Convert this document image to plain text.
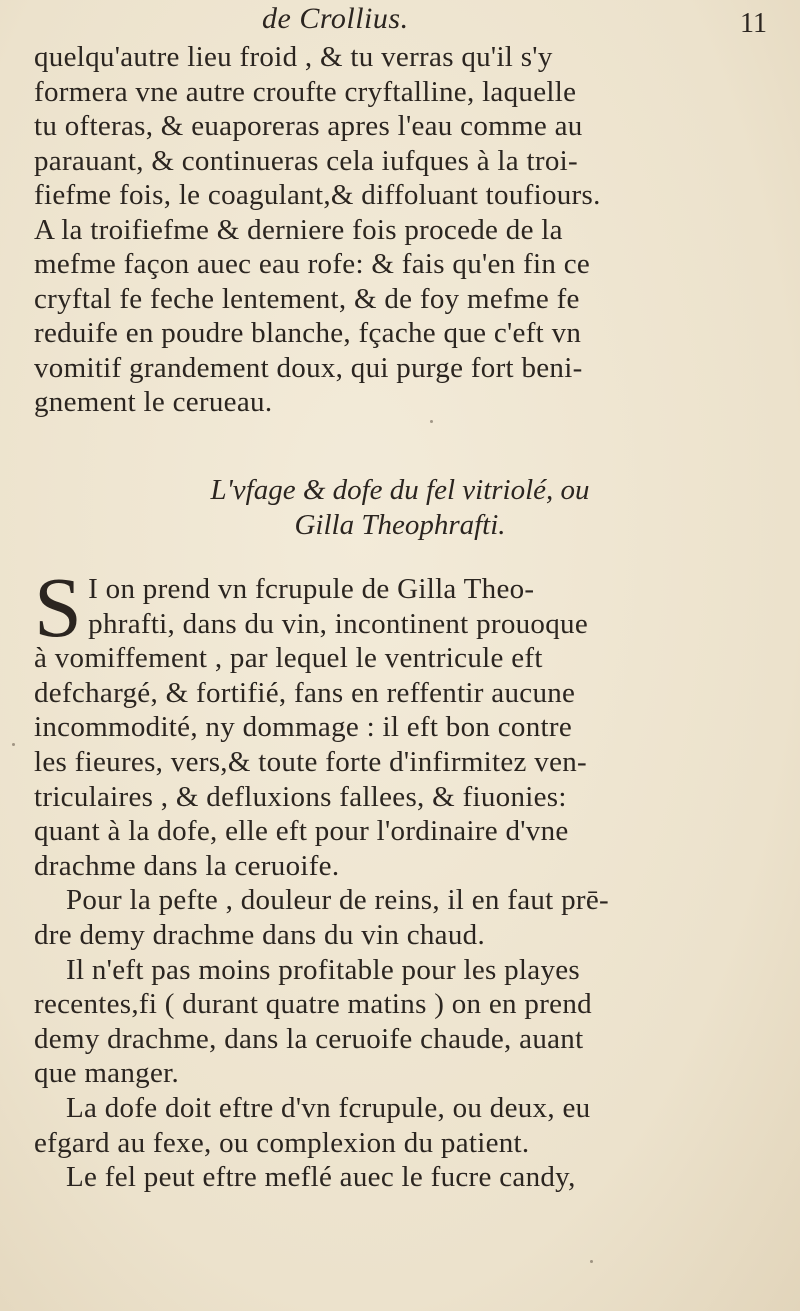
de Crollius.	11
quelqu'autre lieu froid , & tu verras qu'il s'y
formera vne autre croufte cryftalline, laquelle
tu ofteras, & euaporeras apres l'eau comme au
parauant, & continueras cela iufques à la troi-
fiefme fois, le coagulant,& diffoluant toufiours.
A la troifiefme & derniere fois procede de la
mefme façon auec eau rofe: & fais qu'en fin ce
cryftal fe feche lentement, & de foy mefme fe
reduife en poudre blanche, fçache que c'eft vn
vomitif grandement doux, qui purge fort beni-
gnement le cerueau.
L'vfage & dofe du fel vitriolé, ou
Gilla Theophrafti.
S I on prend vn fcrupule de Gilla Theo-
phrafti, dans du vin, incontinent prouoque
à vomiffement , par lequel le ventricule eft
defchargé, & fortifié, fans en reffentir aucune
incommodité, ny dommage : il eft bon contre
les fieures, vers,& toute forte d'infirmitez ven-
triculaires , & defluxions fallees, & fiuonies:
quant à la dofe, elle eft pour l'ordinaire d'vne
drachme dans la ceruoife.
Pour la pefte , douleur de reins, il en faut prē-
dre demy drachme dans du vin chaud.
Il n'eft pas moins profitable pour les playes
recentes,fi ( durant quatre matins ) on en prend
demy drachme, dans la ceruoife chaude, auant
que manger.
La dofe doit eftre d'vn fcrupule, ou deux, eu
efgard au fexe, ou complexion du patient.
Le fel peut eftre meflé auec le fucre candy,
